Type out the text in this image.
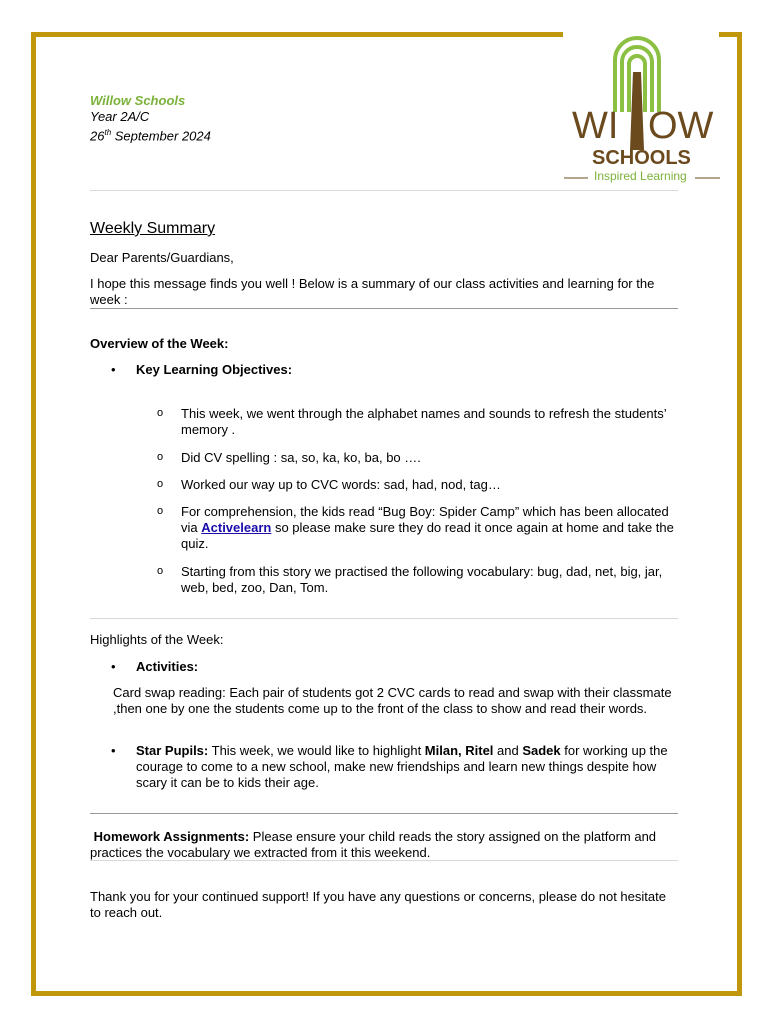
WI OW
SCHOOLS
Inspired Learning
Willow Schools
Year 2A/C
26th September 2024
Weekly Summary
Dear Parents/Guardians,
I hope this message finds you well ! Below is a summary of our class activities and learning for the week :
Overview of the Week:
• Key Learning Objectives:
o This week, we went through the alphabet names and sounds to refresh the students’ memory .
o Did CV spelling : sa, so, ka, ko, ba, bo ….
o Worked our way up to CVC words: sad, had, nod, tag…
o For comprehension, the kids read “Bug Boy: Spider Camp” which has been allocated via Activelearn so please make sure they do read it once again at home and take the quiz.
o Starting from this story we practised the following vocabulary: bug, dad, net, big, jar, web, bed, zoo, Dan, Tom.
Highlights of the Week:
• Activities:
Card swap reading: Each pair of students got 2 CVC cards to read and swap with their classmate ,then one by one the students come up to the front of the class to show and read their words.
• Star Pupils: This week, we would like to highlight Milan, Ritel and Sadek for working up the courage to come to a new school, make new friendships and learn new things despite how scary it can be to kids their age.
Homework Assignments: Please ensure your child reads the story assigned on the platform and practices the vocabulary we extracted from it this weekend.
Thank you for your continued support! If you have any questions or concerns, please do not hesitate to reach out.
